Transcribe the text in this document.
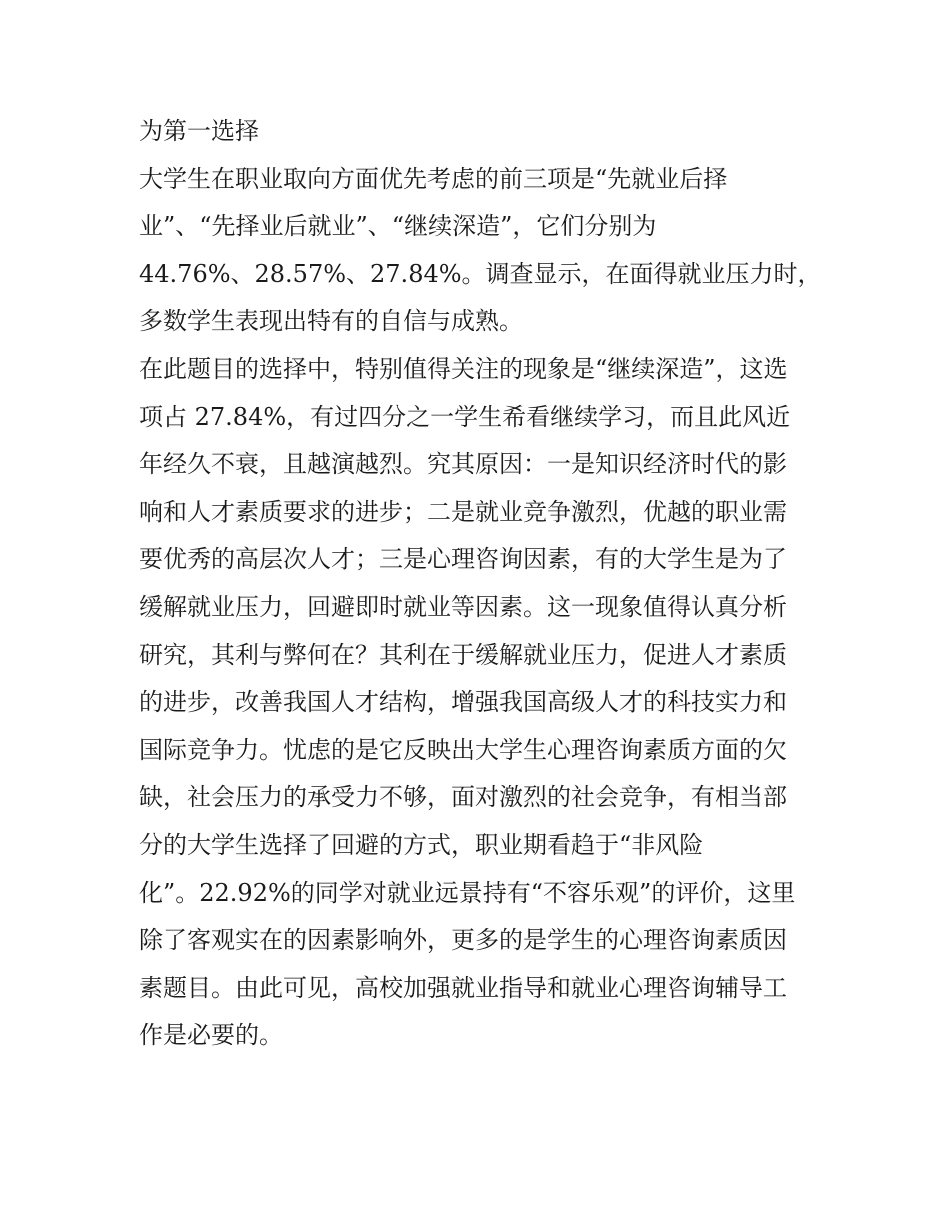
为第一选择
大学生在职业取向方面优先考虑的前三项是“先就业后择
业”、“先择业后就业”、“继续深造”，它们分别为
44.76%、28.57%、27.84%。调查显示，在面得就业压力时，
多数学生表现出特有的自信与成熟。
在此题目的选择中，特别值得关注的现象是“继续深造”，这选
项占 27.84%，有过四分之一学生希看继续学习，而且此风近
年经久不衰，且越演越烈。究其原因：一是知识经济时代的影
响和人才素质要求的进步；二是就业竞争激烈，优越的职业需
要优秀的高层次人才；三是心理咨询因素，有的大学生是为了
缓解就业压力，回避即时就业等因素。这一现象值得认真分析
研究，其利与弊何在？其利在于缓解就业压力，促进人才素质
的进步，改善我国人才结构，增强我国高级人才的科技实力和
国际竞争力。忧虑的是它反映出大学生心理咨询素质方面的欠
缺，社会压力的承受力不够，面对激烈的社会竞争，有相当部
分的大学生选择了回避的方式，职业期看趋于“非风险
化”。22.92%的同学对就业远景持有“不容乐观”的评价，这里
除了客观实在的因素影响外，更多的是学生的心理咨询素质因
素题目。由此可见，高校加强就业指导和就业心理咨询辅导工
作是必要的。
